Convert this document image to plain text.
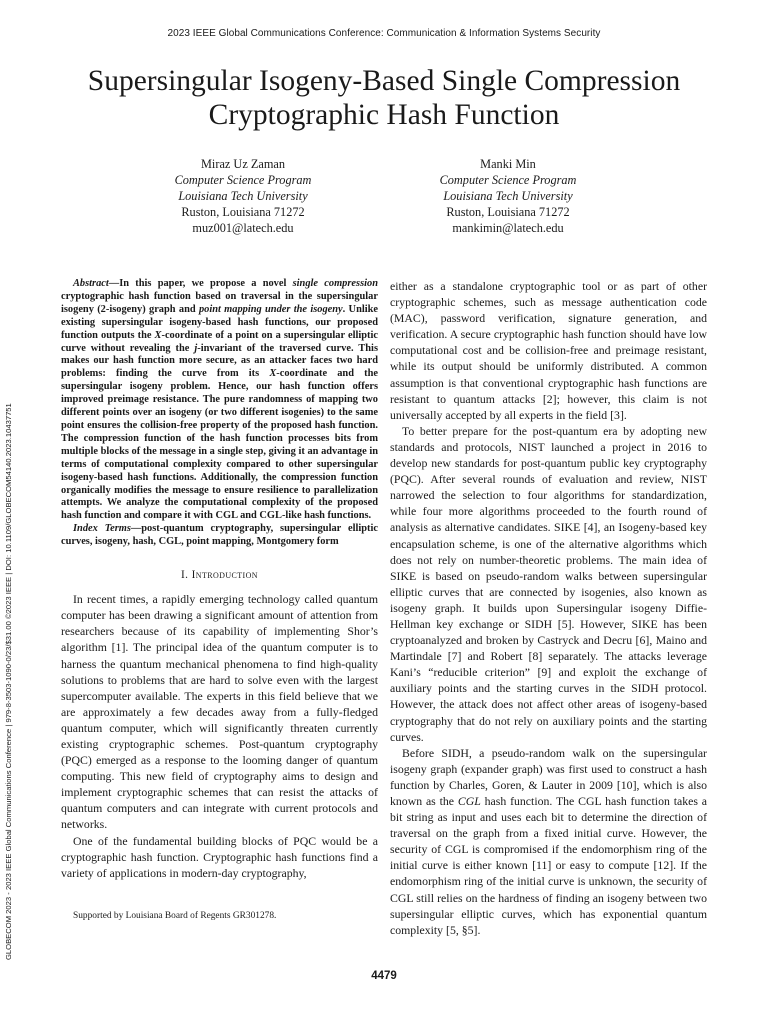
2023 IEEE Global Communications Conference: Communication & Information Systems Security
Supersingular Isogeny-Based Single Compression
Cryptographic Hash Function
Miraz Uz Zaman
Computer Science Program
Louisiana Tech University
Ruston, Louisiana 71272
muz001@latech.edu
Manki Min
Computer Science Program
Louisiana Tech University
Ruston, Louisiana 71272
mankimin@latech.edu
GLOBECOM 2023 - 2023 IEEE Global Communications Conference | 979-8-3503-1090-0/23/$31.00 ©2023 IEEE | DOI: 10.1109/GLOBECOM54140.2023.10437751

Abstract—In this paper, we propose a novel single compression cryptographic hash function based on traversal in the supersingular isogeny (2-isogeny) graph and point mapping under the isogeny. Unlike existing supersingular isogeny-based hash functions, our proposed function outputs the X-coordinate of a point on a supersingular elliptic curve without revealing the j-invariant of the traversed curve. This makes our hash function more secure, as an attacker faces two hard problems: finding the curve from its X-coordinate and the supersingular isogeny problem. Hence, our hash function offers improved preimage resistance. The pure randomness of mapping two different points over an isogeny (or two different isogenies) to the same point ensures the collision-free property of the proposed hash function. The compression function of the hash function processes bits from multiple blocks of the message in a single step, giving it an advantage in terms of computational complexity compared to other supersingular isogeny-based hash functions. Additionally, the compression function organically modifies the message to ensure resilience to parallelization attempts. We analyze the computational complexity of the proposed hash function and compare it with CGL and CGL-like hash functions.

Index Terms—post-quantum cryptography, supersingular elliptic curves, isogeny, hash, CGL, point mapping, Montgomery form

I. Introduction

In recent times, a rapidly emerging technology called quantum computer has been drawing a significant amount of attention from researchers because of its capability of implementing Shor’s algorithm [1]. The principal idea of the quantum computer is to harness the quantum mechanical phenomena to find high-quality solutions to problems that are hard to solve even with the largest supercomputer available. The experts in this field believe that we are approximately a few decades away from a fully-fledged quantum computer, which will significantly threaten currently existing cryptographic schemes. Post-quantum cryptography (PQC) emerged as a response to the looming danger of quantum computing. This new field of cryptography aims to design and implement cryptographic schemes that can resist the attacks of quantum computers and can integrate with current protocols and networks.

One of the fundamental building blocks of PQC would be a cryptographic hash function. Cryptographic hash functions find a variety of applications in modern-day cryptography,

either as a standalone cryptographic tool or as part of other cryptographic schemes, such as message authentication code (MAC), password verification, signature generation, and verification. A secure cryptographic hash function should have low computational cost and be collision-free and preimage resistant, while its output should be uniformly distributed. A common assumption is that conventional cryptographic hash functions are resistant to quantum attacks [2]; however, this claim is not universally accepted by all experts in the field [3].

To better prepare for the post-quantum era by adopting new standards and protocols, NIST launched a project in 2016 to develop new standards for post-quantum public key cryptography (PQC). After several rounds of evaluation and review, NIST narrowed the selection to four algorithms for standardization, while four more algorithms proceeded to the fourth round of analysis as alternative candidates. SIKE [4], an Isogeny-based key encapsulation scheme, is one of the alternative algorithms which does not rely on number-theoretic problems. The main idea of SIKE is based on pseudo-random walks between supersingular elliptic curves that are connected by isogenies, also known as isogeny graph. It builds upon Supersingular isogeny Diffie-Hellman key exchange or SIDH [5]. However, SIKE has been cryptoanalyzed and broken by Castryck and Decru [6], Maino and Martindale [7] and Robert [8] separately. The attacks leverage Kani’s “reducible criterion” [9] and exploit the exchange of auxiliary points and the starting curves in the SIDH protocol. However, the attack does not affect other areas of isogeny-based cryptography that do not rely on auxiliary points and the starting curves.

Before SIDH, a pseudo-random walk on the supersingular isogeny graph (expander graph) was first used to construct a hash function by Charles, Goren, & Lauter in 2009 [10], which is also known as the CGL hash function. The CGL hash function takes a bit string as input and uses each bit to determine the direction of traversal on the graph from a fixed initial curve. However, the security of CGL is compromised if the endomorphism ring of the initial curve is either known [11] or easy to compute [12]. If the endomorphism ring of the initial curve is unknown, the security of CGL still relies on the hardness of finding an isogeny between two supersingular elliptic curves, which has exponential quantum complexity [5, §5].

Supported by Louisiana Board of Regents GR301278.
4479
